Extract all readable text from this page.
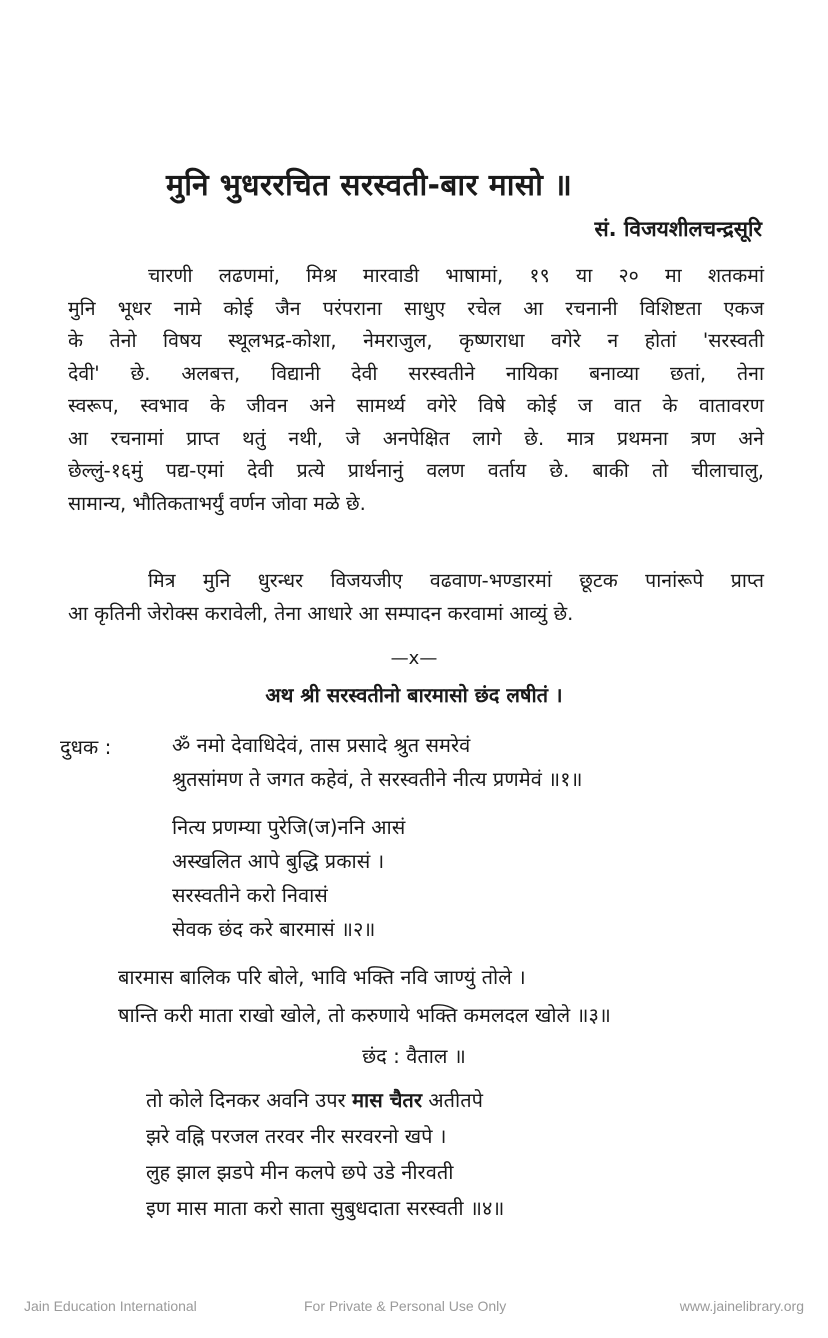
मुनि भुधररचित सरस्वती-बार मासो ॥
सं. विजयशीलचन्द्रसूरि
चारणी लढणमां, मिश्र मारवाडी भाषामां, १९ या २० मा शतकमां
मुनि भूधर नामे कोई जैन परंपराना साधुए रचेल आ रचनानी विशिष्टता एकज
के तेनो विषय स्थूलभद्र-कोशा, नेमराजुल, कृष्णराधा वगेरे न होतां 'सरस्वती
देवी' छे. अलबत्त, विद्यानी देवी सरस्वतीने नायिका बनाव्या छतां, तेना
स्वरूप, स्वभाव के जीवन अने सामर्थ्य वगेरे विषे कोई ज वात के वातावरण
आ रचनामां प्राप्त थतुं नथी, जे अनपेक्षित लागे छे. मात्र प्रथमना त्रण अने
छेल्लुं-१६मुं पद्य-एमां देवी प्रत्ये प्रार्थनानुं वलण वर्ताय छे. बाकी तो चीलाचालु,
सामान्य, भौतिकताभर्युं वर्णन जोवा मळे छे.
मित्र मुनि धुरन्धर विजयजीए वढवाण-भण्डारमां छूटक पानांरूपे प्राप्त
आ कृतिनी जेरोक्स करावेली, तेना आधारे आ सम्पादन करवामां आव्युं छे.
—x—
अथ श्री सरस्वतीनो बारमासो छंद लषीतं ।
दुधक :	ॐ नमो देवाधिदेवं, तास प्रसादे श्रुत समरेवं
श्रुतसांमण ते जगत कहेवं, ते सरस्वतीने नीत्य प्रणमेवं ॥१॥
नित्य प्रणम्या पुरेजि(ज)ननि आसं
अस्खलित आपे बुद्धि प्रकासं ।
सरस्वतीने करो निवासं
सेवक छंद करे बारमासं ॥२॥
बारमास बालिक परि बोले, भावि भक्ति नवि जाण्युं तोले ।
षान्ति करी माता राखो खोले, तो करुणाये भक्ति कमलदल खोले ॥३॥
छंद : वैताल ॥
तो कोले दिनकर अवनि उपर मास चैतर अतीतपे
झरे वह्नि परजल तरवर नीर सरवरनो खपे ।
लुह झाल झडपे मीन कलपे छपे उडे नीरवती
इण मास माता करो साता सुबुधदाता सरस्वती ॥४॥
Jain Education International	For Private & Personal Use Only	www.jainelibrary.org
